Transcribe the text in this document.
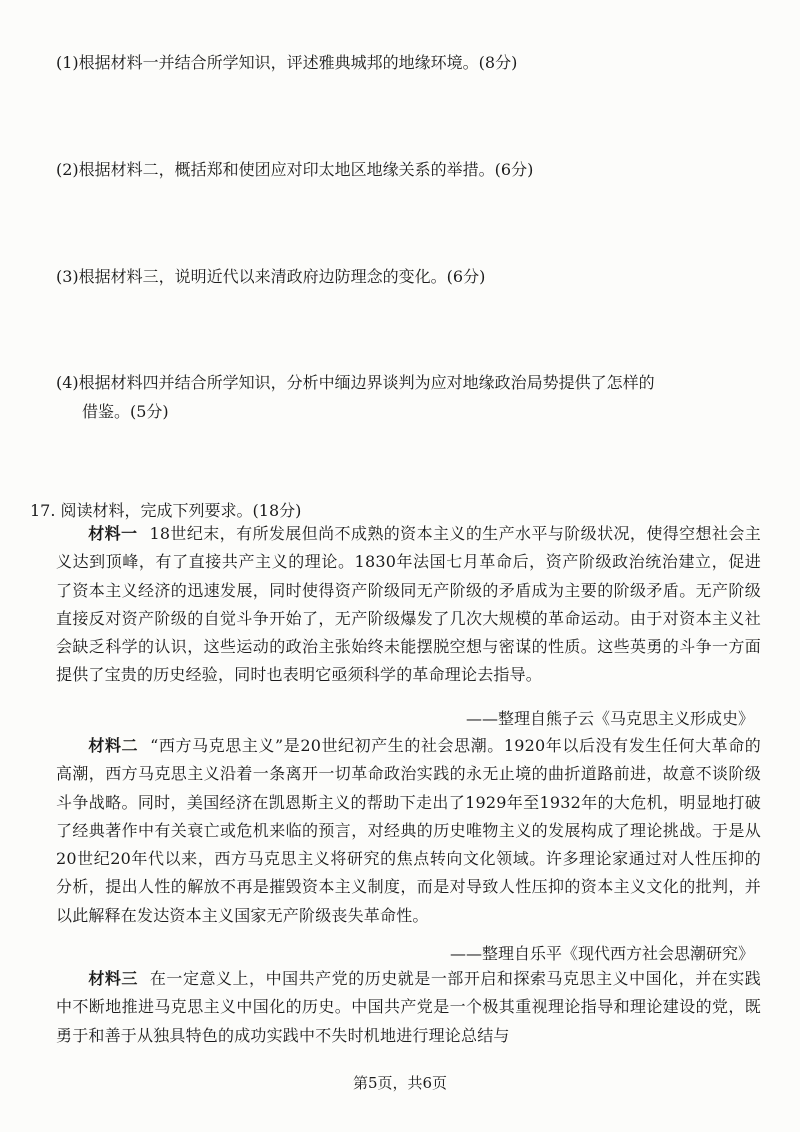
(1)根据材料一并结合所学知识，评述雅典城邦的地缘环境。(8分)
(2)根据材料二，概括郑和使团应对印太地区地缘关系的举措。(6分)
(3)根据材料三，说明近代以来清政府边防理念的变化。(6分)
(4)根据材料四并结合所学知识，分析中缅边界谈判为应对地缘政治局势提供了怎样的
借鉴。(5分)
17. 阅读材料，完成下列要求。(18分)
材料一 18世纪末，有所发展但尚不成熟的资本主义的生产水平与阶级状况，使得空想社会主义达到顶峰，有了直接共产主义的理论。1830年法国七月革命后，资产阶级政治统治建立，促进了资本主义经济的迅速发展，同时使得资产阶级同无产阶级的矛盾成为主要的阶级矛盾。无产阶级直接反对资产阶级的自觉斗争开始了，无产阶级爆发了几次大规模的革命运动。由于对资本主义社会缺乏科学的认识，这些运动的政治主张始终未能摆脱空想与密谋的性质。这些英勇的斗争一方面提供了宝贵的历史经验，同时也表明它亟须科学的革命理论去指导。
——整理自熊子云《马克思主义形成史》
材料二 “西方马克思主义”是20世纪初产生的社会思潮。1920年以后没有发生任何大革命的高潮，西方马克思主义沿着一条离开一切革命政治实践的永无止境的曲折道路前进，故意不谈阶级斗争战略。同时，美国经济在凯恩斯主义的帮助下走出了1929年至1932年的大危机，明显地打破了经典著作中有关衰亡或危机来临的预言，对经典的历史唯物主义的发展构成了理论挑战。于是从20世纪20年代以来，西方马克思主义将研究的焦点转向文化领域。许多理论家通过对人性压抑的分析，提出人性的解放不再是摧毁资本主义制度，而是对导致人性压抑的资本主义文化的批判，并以此解释在发达资本主义国家无产阶级丧失革命性。
——整理自乐平《现代西方社会思潮研究》
材料三 在一定意义上，中国共产党的历史就是一部开启和探索马克思主义中国化，并在实践中不断地推进马克思主义中国化的历史。中国共产党是一个极其重视理论指导和理论建设的党，既勇于和善于从独具特色的成功实践中不失时机地进行理论总结与
第5页，共6页
